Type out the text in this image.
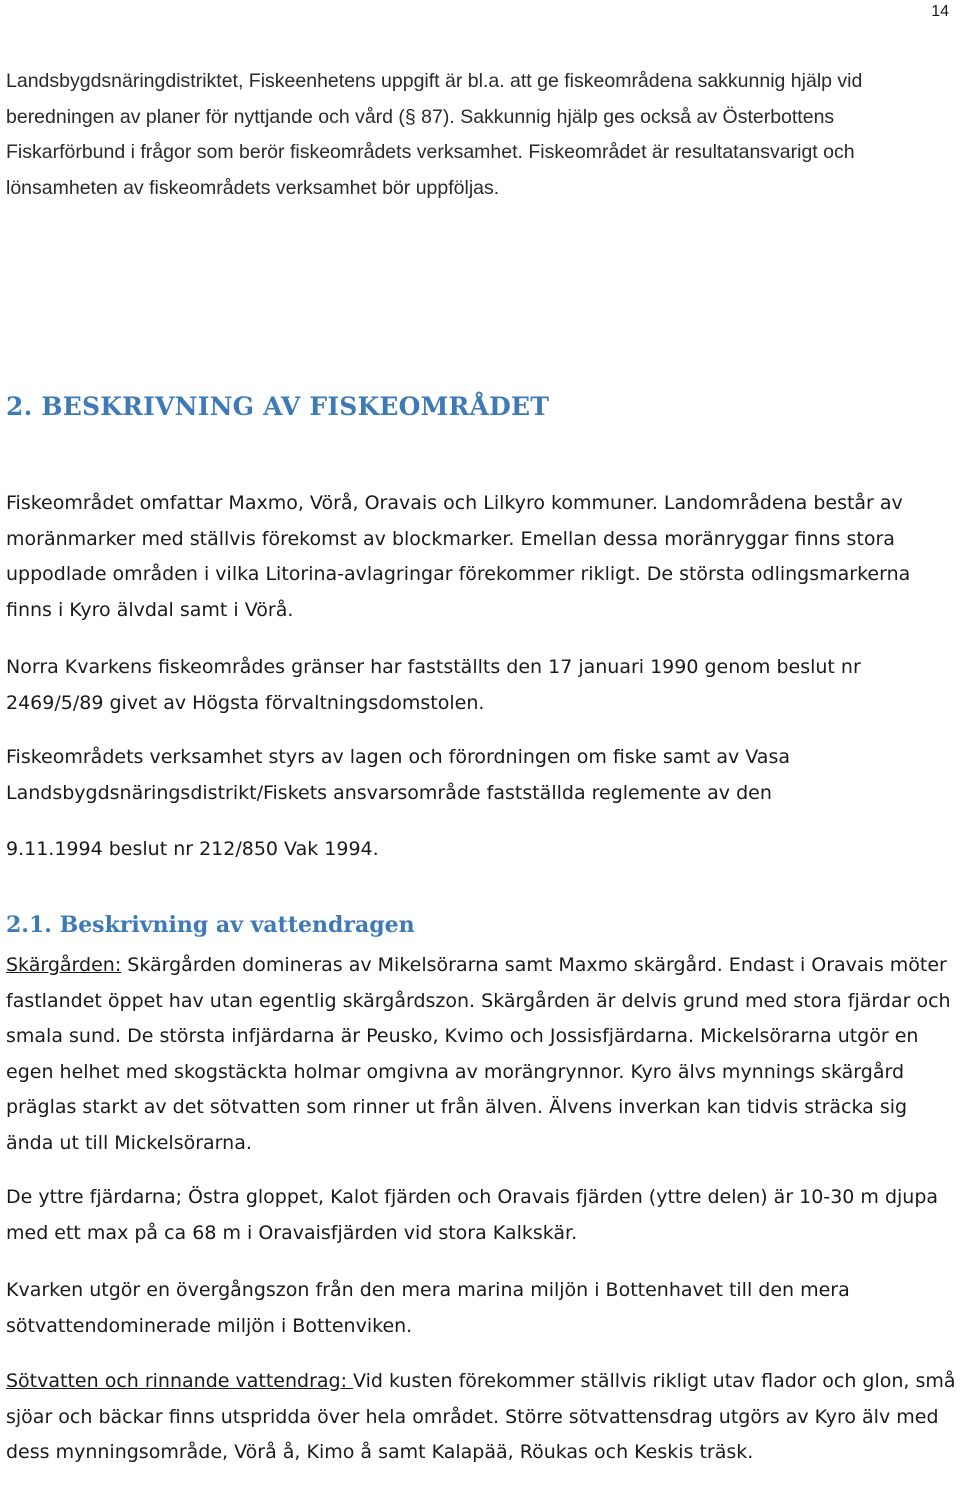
14

Landsbygdsnäringdistriktet, Fiskeenhetens uppgift är bl.a. att ge fiskeområdena sakkunnig hjälp vid beredningen av planer för nyttjande och vård (§ 87). Sakkunnig hjälp ges också av Österbottens Fiskarförbund i frågor som berör fiskeområdets verksamhet. Fiskeområdet är resultatansvarigt och lönsamheten av fiskeområdets verksamhet bör uppföljas.

2. BESKRIVNING AV FISKEOMRÅDET

Fiskeområdet omfattar Maxmo, Vörå, Oravais och Lilkyro kommuner. Landområdena består av moränmarker med ställvis förekomst av blockmarker. Emellan dessa moränryggar finns stora uppodlade områden i vilka Litorina-avlagringar förekommer rikligt. De största odlingsmarkerna finns i Kyro älvdal samt i Vörå.

Norra Kvarkens fiskeområdes gränser har fastställts den 17 januari 1990 genom beslut nr 2469/5/89 givet av Högsta förvaltningsdomstolen.

Fiskeområdets verksamhet styrs av lagen och förordningen om fiske samt av Vasa Landsbygdsnäringsdistrikt/Fiskets ansvarsområde fastställda reglemente av den

9.11.1994 beslut nr 212/850 Vak 1994.

2.1. Beskrivning av vattendragen

Skärgården: Skärgården domineras av Mikelsörarna samt Maxmo skärgård. Endast i Oravais möter fastlandet öppet hav utan egentlig skärgårdszon. Skärgården är delvis grund med stora fjärdar och smala sund. De största infjärdarna är Peusko, Kvimo och Jossisfjärdarna. Mickelsörarna utgör en egen helhet med skogstäckta holmar omgivna av morängrynnor. Kyro älvs mynnings skärgård präglas starkt av det sötvatten som rinner ut från älven. Älvens inverkan kan tidvis sträcka sig ända ut till Mickelsörarna.

De yttre fjärdarna; Östra gloppet, Kalot fjärden och Oravais fjärden (yttre delen) är 10-30 m djupa med ett max på ca 68 m i Oravaisfjärden vid stora Kalkskär.

Kvarken utgör en övergångszon från den mera marina miljön i Bottenhavet till den mera sötvattendominerade miljön i Bottenviken.

Sötvatten och rinnande vattendrag: Vid kusten förekommer ställvis rikligt utav flador och glon, små sjöar och bäckar finns utspridda över hela området. Större sötvattensdrag utgörs av Kyro älv med dess mynningsområde, Vörå å, Kimo å samt Kalapää, Röukas och Keskis träsk.
